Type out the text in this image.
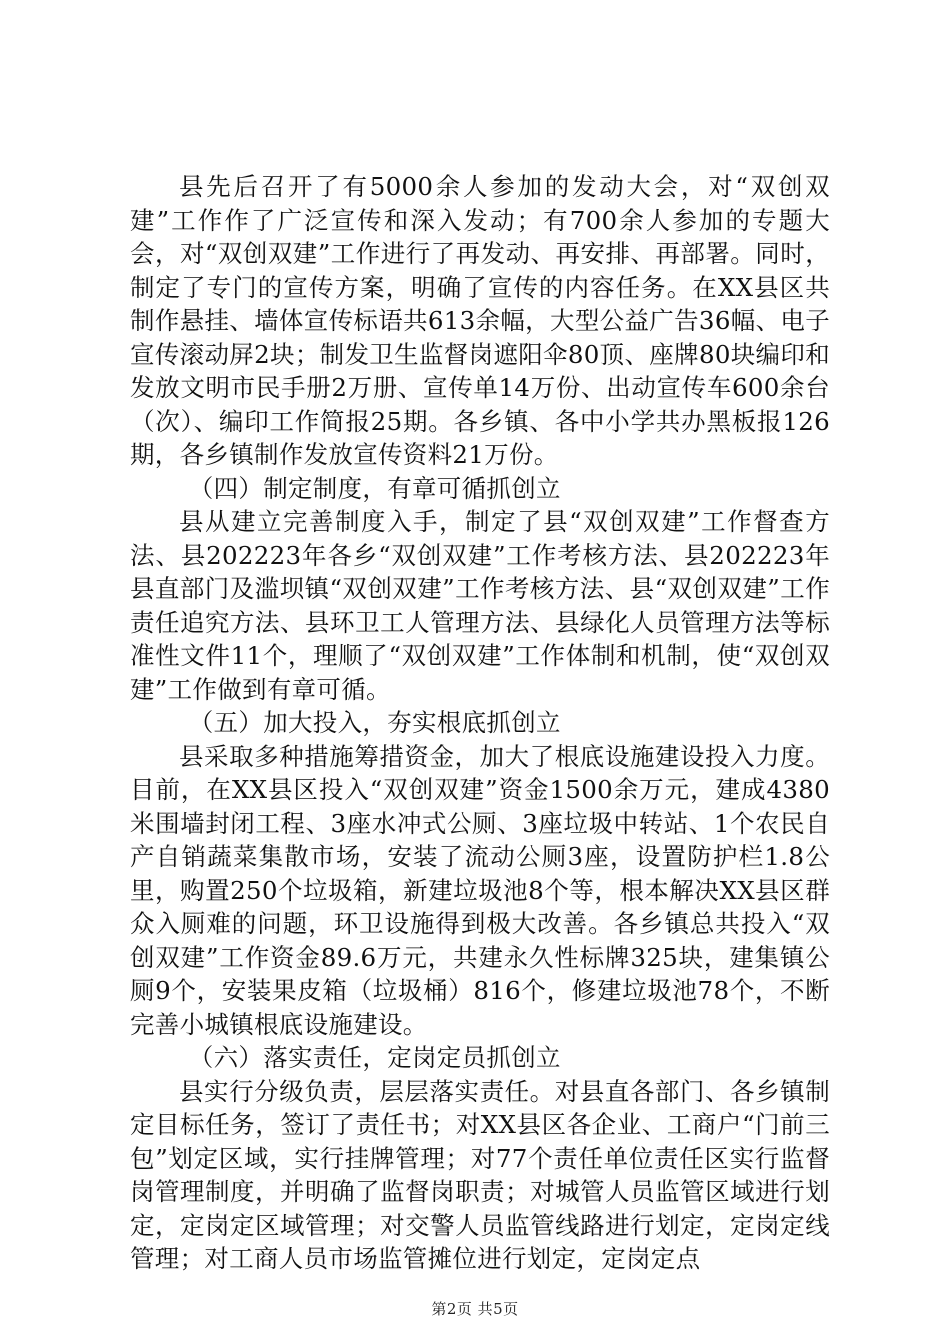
县先后召开了有5000余人参加的发动大会，对“双创双建”工作作了广泛宣传和深入发动；有700余人参加的专题大会，对“双创双建”工作进行了再发动、再安排、再部署。同时，制定了专门的宣传方案，明确了宣传的内容任务。在XX县区共制作悬挂、墙体宣传标语共613余幅，大型公益广告36幅、电子宣传滚动屏2块；制发卫生监督岗遮阳伞80顶、座牌80块编印和发放文明市民手册2万册、宣传单14万份、出动宣传车600余台（次）、编印工作简报25期。各乡镇、各中小学共办黑板报126期，各乡镇制作发放宣传资料21万份。

（四）制定制度，有章可循抓创立

县从建立完善制度入手，制定了县“双创双建”工作督查方法、县202223年各乡“双创双建”工作考核方法、县202223年县直部门及滥坝镇“双创双建”工作考核方法、县“双创双建”工作责任追究方法、县环卫工人管理方法、县绿化人员管理方法等标准性文件11个，理顺了“双创双建”工作体制和机制，使“双创双建”工作做到有章可循。

（五）加大投入，夯实根底抓创立

县采取多种措施筹措资金，加大了根底设施建设投入力度。目前，在XX县区投入“双创双建”资金1500余万元，建成4380米围墙封闭工程、3座水冲式公厕、3座垃圾中转站、1个农民自产自销蔬菜集散市场，安装了流动公厕3座，设置防护栏1.8公里，购置250个垃圾箱，新建垃圾池8个等，根本解决XX县区群众入厕难的问题，环卫设施得到极大改善。各乡镇总共投入“双创双建”工作资金89.6万元，共建永久性标牌325块，建集镇公厕9个，安装果皮箱（垃圾桶）816个，修建垃圾池78个，不断完善小城镇根底设施建设。

（六）落实责任，定岗定员抓创立

县实行分级负责，层层落实责任。对县直各部门、各乡镇制定目标任务，签订了责任书；对XX县区各企业、工商户“门前三包”划定区域，实行挂牌管理；对77个责任单位责任区实行监督岗管理制度，并明确了监督岗职责；对城管人员监管区域进行划定，定岗定区域管理；对交警人员监管线路进行划定，定岗定线管理；对工商人员市场监管摊位进行划定，定岗定点

第2页 共5页
